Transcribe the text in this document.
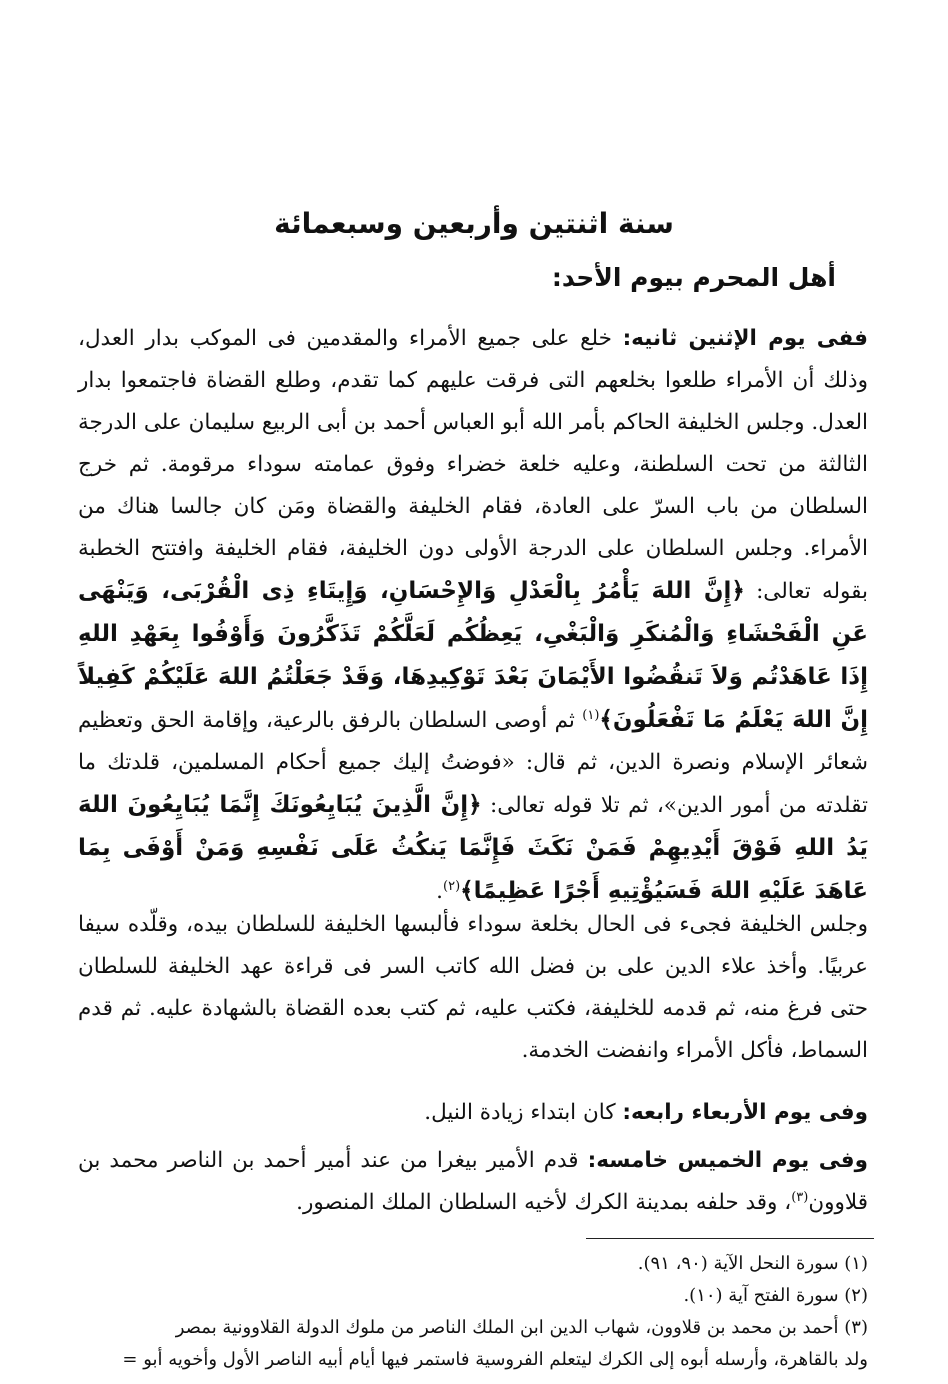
سنة اثنتين وأربعين وسبعمائة
أهل المحرم بيوم الأحد:

ففى يوم الإثنين ثانيه: خلع على جميع الأمراء والمقدمين فى الموكب بدار العدل، وذلك أن الأمراء طلعوا بخلعهم التى فرقت عليهم كما تقدم، وطلع القضاة فاجتمعوا بدار العدل. وجلس الخليفة الحاكم بأمر الله أبو العباس أحمد بن أبى الربيع سليمان على الدرجة الثالثة من تحت السلطنة، وعليه خلعة خضراء وفوق عمامته سوداء مرقومة. ثم خرج السلطان من باب السرّ على العادة، فقام الخليفة والقضاة ومَن كان جالسا هناك من الأمراء. وجلس السلطان على الدرجة الأولى دون الخليفة، فقام الخليفة وافتتح الخطبة بقوله تعالى: ﴿إِنَّ اللهَ يَأْمُرُ بِالْعَدْلِ وَالإِحْسَانِ، وَإِيتَاءِ ذِى الْقُرْبَى، وَيَنْهَى عَنِ الْفَحْشَاءِ وَالْمُنكَرِ وَالْبَغْىِ، يَعِظُكُم لَعَلَّكُمْ تَذَكَّرُونَ وَأَوْفُوا بِعَهْدِ اللهِ إِذَا عَاهَدْتُم وَلاَ تَنقُضُوا الأَيْمَانَ بَعْدَ تَوْكِيدِهَا، وَقَدْ جَعَلْتُمُ اللهَ عَلَيْكُمْ كَفِيلاً إِنَّ اللهَ يَعْلَمُ مَا تَفْعَلُونَ﴾$^{(١)}$ ثم أوصى السلطان بالرفق بالرعية، وإقامة الحق وتعظيم شعائر الإسلام ونصرة الدين، ثم قال: «فوضتُ إليك جميع أحكام المسلمين، قلدتك ما تقلدته من أمور الدين»، ثم تلا قوله تعالى: ﴿إِنَّ الَّذِينَ يُبَايِعُونَكَ إِنَّمَا يُبَايِعُونَ اللهَ يَدُ اللهِ فَوْقَ أَيْدِيهِمْ فَمَنْ نَكَثَ فَإِنَّمَا يَنكُثُ عَلَى نَفْسِهِ وَمَنْ أَوْفَى بِمَا عَاهَدَ عَلَيْهِ اللهَ فَسَيُؤْتِيهِ أَجْرًا عَظِيمًا﴾$^{(٢)}$.

وجلس الخليفة فجىء فى الحال بخلعة سوداء فألبسها الخليفة للسلطان بيده، وقلّده سيفا عربيًا. وأخذ علاء الدين على بن فضل الله كاتب السر فى قراءة عهد الخليفة للسلطان حتى فرغ منه، ثم قدمه للخليفة، فكتب عليه، ثم كتب بعده القضاة بالشهادة عليه. ثم قدم السماط، فأكل الأمراء وانفضت الخدمة.

وفى يوم الأربعاء رابعه: كان ابتداء زيادة النيل.

وفى يوم الخميس خامسه: قدم الأمير بيغرا من عند أمير أحمد بن الناصر محمد بن قلاوون$^{(٣)}$، وقد حلفه بمدينة الكرك لأخيه السلطان الملك المنصور.

(١) سورة النحل الآية (٩٠، ٩١).
(٢) سورة الفتح آية (١٠).
(٣) أحمد بن محمد بن قلاوون، شهاب الدين ابن الملك الناصر من ملوك الدولة القلاوونية بمصر
ولد بالقاهرة، وأرسله أبوه إلى الكرك ليتعلم الفروسية فاستمر فيها أيام أبيه الناصر الأول وأخويه أبو =
